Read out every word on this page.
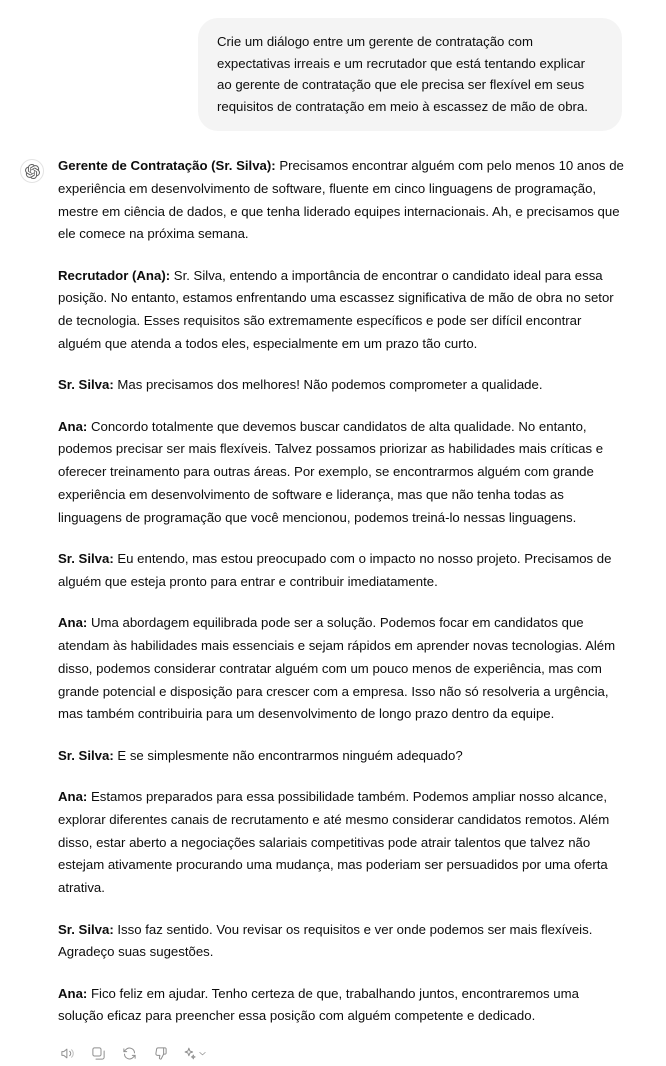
Crie um diálogo entre um gerente de contratação com expectativas irreais e um recrutador que está tentando explicar ao gerente de contratação que ele precisa ser flexível em seus requisitos de contratação em meio à escassez de mão de obra.

Gerente de Contratação (Sr. Silva): Precisamos encontrar alguém com pelo menos 10 anos de experiência em desenvolvimento de software, fluente em cinco linguagens de programação, mestre em ciência de dados, e que tenha liderado equipes internacionais. Ah, e precisamos que ele comece na próxima semana.

Recrutador (Ana): Sr. Silva, entendo a importância de encontrar o candidato ideal para essa posição. No entanto, estamos enfrentando uma escassez significativa de mão de obra no setor de tecnologia. Esses requisitos são extremamente específicos e pode ser difícil encontrar alguém que atenda a todos eles, especialmente em um prazo tão curto.

Sr. Silva: Mas precisamos dos melhores! Não podemos comprometer a qualidade.

Ana: Concordo totalmente que devemos buscar candidatos de alta qualidade. No entanto, podemos precisar ser mais flexíveis. Talvez possamos priorizar as habilidades mais críticas e oferecer treinamento para outras áreas. Por exemplo, se encontrarmos alguém com grande experiência em desenvolvimento de software e liderança, mas que não tenha todas as linguagens de programação que você mencionou, podemos treiná-lo nessas linguagens.

Sr. Silva: Eu entendo, mas estou preocupado com o impacto no nosso projeto. Precisamos de alguém que esteja pronto para entrar e contribuir imediatamente.

Ana: Uma abordagem equilibrada pode ser a solução. Podemos focar em candidatos que atendam às habilidades mais essenciais e sejam rápidos em aprender novas tecnologias. Além disso, podemos considerar contratar alguém com um pouco menos de experiência, mas com grande potencial e disposição para crescer com a empresa. Isso não só resolveria a urgência, mas também contribuiria para um desenvolvimento de longo prazo dentro da equipe.

Sr. Silva: E se simplesmente não encontrarmos ninguém adequado?

Ana: Estamos preparados para essa possibilidade também. Podemos ampliar nosso alcance, explorar diferentes canais de recrutamento e até mesmo considerar candidatos remotos. Além disso, estar aberto a negociações salariais competitivas pode atrair talentos que talvez não estejam ativamente procurando uma mudança, mas poderiam ser persuadidos por uma oferta atrativa.

Sr. Silva: Isso faz sentido. Vou revisar os requisitos e ver onde podemos ser mais flexíveis. Agradeço suas sugestões.

Ana: Fico feliz em ajudar. Tenho certeza de que, trabalhando juntos, encontraremos uma solução eficaz para preencher essa posição com alguém competente e dedicado.
